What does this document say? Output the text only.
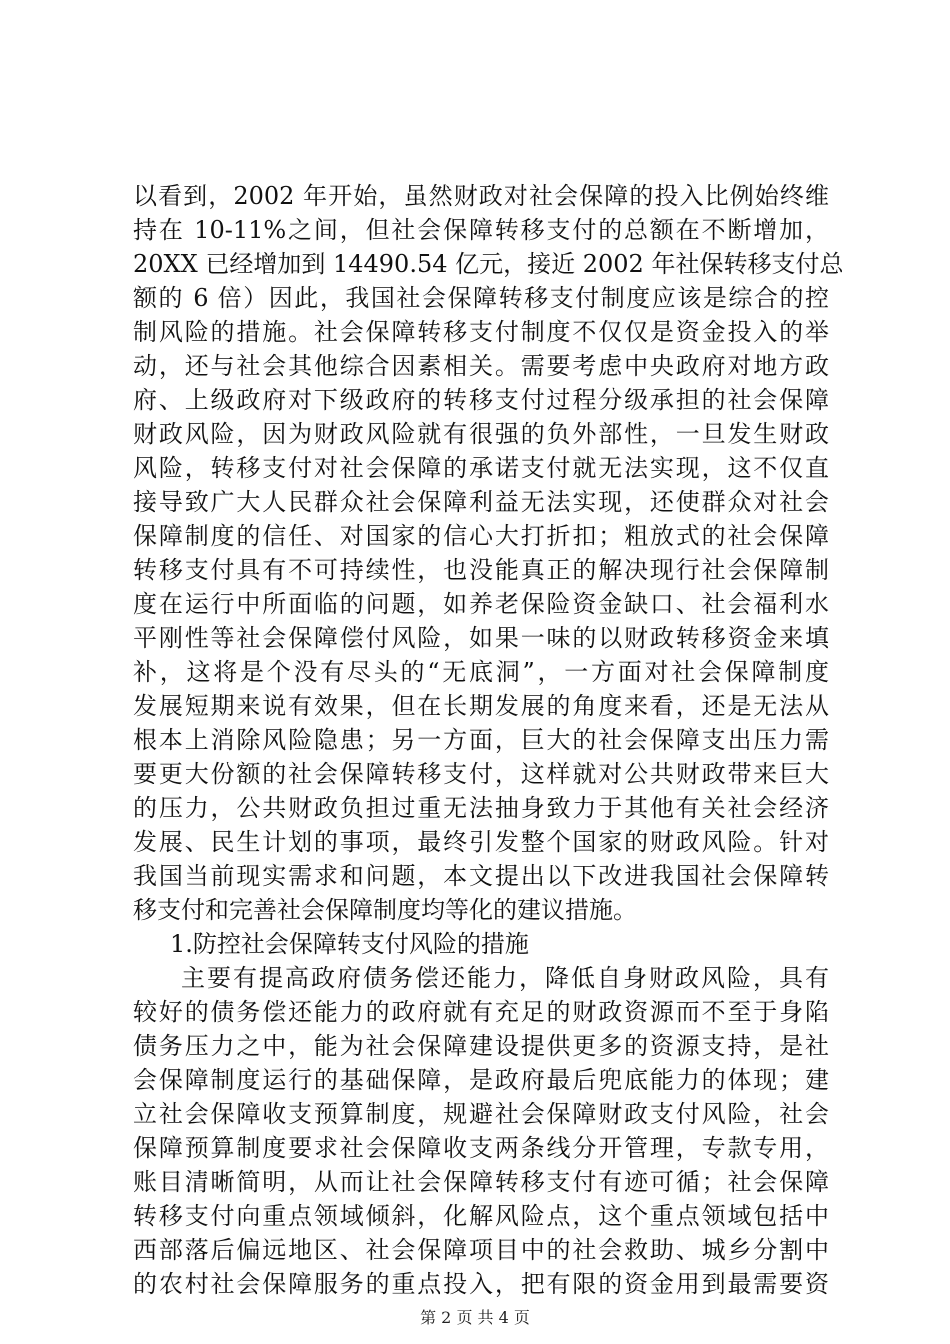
以看到，2002 年开始，虽然财政对社会保障的投入比例始终维
持在 10-11%之间，但社会保障转移支付的总额在不断增加，
20XX 已经增加到 14490.54 亿元，接近 2002 年社保转移支付总
额的 6 倍）因此，我国社会保障转移支付制度应该是综合的控
制风险的措施。社会保障转移支付制度不仅仅是资金投入的举
动，还与社会其他综合因素相关。需要考虑中央政府对地方政
府、上级政府对下级政府的转移支付过程分级承担的社会保障
财政风险，因为财政风险就有很强的负外部性，一旦发生财政
风险，转移支付对社会保障的承诺支付就无法实现，这不仅直
接导致广大人民群众社会保障利益无法实现，还使群众对社会
保障制度的信任、对国家的信心大打折扣；粗放式的社会保障
转移支付具有不可持续性，也没能真正的解决现行社会保障制
度在运行中所面临的问题，如养老保险资金缺口、社会福利水
平刚性等社会保障偿付风险，如果一味的以财政转移资金来填
补，这将是个没有尽头的“无底洞”，一方面对社会保障制度
发展短期来说有效果，但在长期发展的角度来看，还是无法从
根本上消除风险隐患；另一方面，巨大的社会保障支出压力需
要更大份额的社会保障转移支付，这样就对公共财政带来巨大
的压力，公共财政负担过重无法抽身致力于其他有关社会经济
发展、民生计划的事项，最终引发整个国家的财政风险。针对
我国当前现实需求和问题，本文提出以下改进我国社会保障转
移支付和完善社会保障制度均等化的建议措施。
1.防控社会保障转支付风险的措施
主要有提高政府债务偿还能力，降低自身财政风险，具有
较好的债务偿还能力的政府就有充足的财政资源而不至于身陷
债务压力之中，能为社会保障建设提供更多的资源支持，是社
会保障制度运行的基础保障，是政府最后兜底能力的体现；建
立社会保障收支预算制度，规避社会保障财政支付风险，社会
保障预算制度要求社会保障收支两条线分开管理，专款专用，
账目清晰简明，从而让社会保障转移支付有迹可循；社会保障
转移支付向重点领域倾斜，化解风险点，这个重点领域包括中
西部落后偏远地区、社会保障项目中的社会救助、城乡分割中
的农村社会保障服务的重点投入，把有限的资金用到最需要资
第 2 页 共 4 页
